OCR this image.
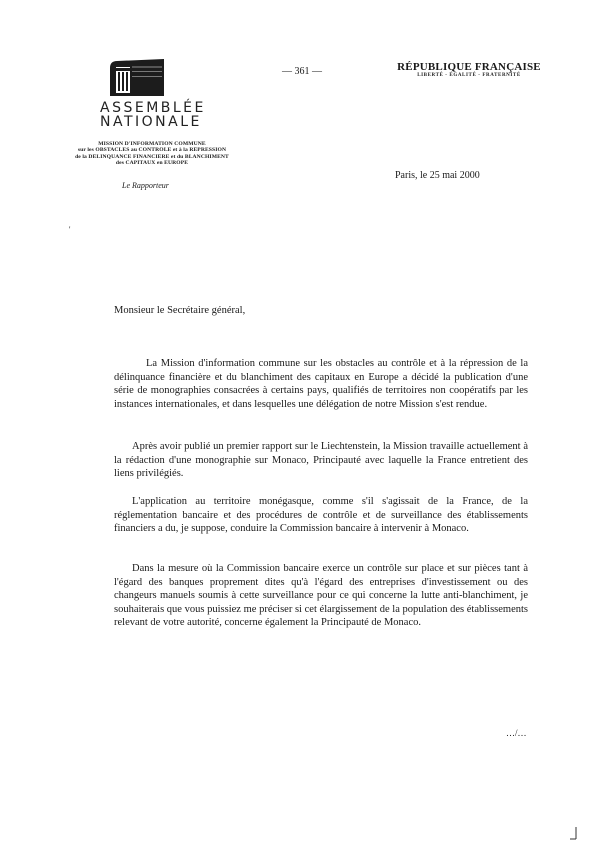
ASSEMBLÉE
NATIONALE
MISSION D'INFORMATION COMMUNE
sur les OBSTACLES au CONTRÔLE et à la RÉPRESSION
de la DÉLINQUANCE FINANCIÈRE et du BLANCHIMENT
des CAPITAUX en EUROPE
Le Rapporteur
— 361 —	RÉPUBLIQUE FRANÇAISE
LIBERTÉ - ÉGALITÉ - FRATERNITÉ
Paris, le 25 mai 2000
'
Monsieur le Secrétaire général,

La Mission d'information commune sur les obstacles au contrôle et à la répression de la délinquance financière et du blanchiment des capitaux en Europe a décidé la publication d'une série de monographies consacrées à certains pays, qualifiés de territoires non coopératifs par les instances internationales, et dans lesquelles une délégation de notre Mission s'est rendue.

Après avoir publié un premier rapport sur le Liechtenstein, la Mission travaille actuellement à la rédaction d'une monographie sur Monaco, Principauté avec laquelle la France entretient des liens privilégiés.

L'application au territoire monégasque, comme s'il s'agissait de la France, de la réglementation bancaire et des procédures de contrôle et de surveillance des établissements financiers a du, je suppose, conduire la Commission bancaire à intervenir à Monaco.

Dans la mesure où la Commission bancaire exerce un contrôle sur place et sur pièces tant à l'égard des banques proprement dites qu'à l'égard des entreprises d'investissement ou des changeurs manuels soumis à cette surveillance pour ce qui concerne la lutte anti-blanchiment, je souhaiterais que vous puissiez me préciser si cet élargissement de la population des établissements relevant de votre autorité, concerne également la Principauté de Monaco.

…/…
